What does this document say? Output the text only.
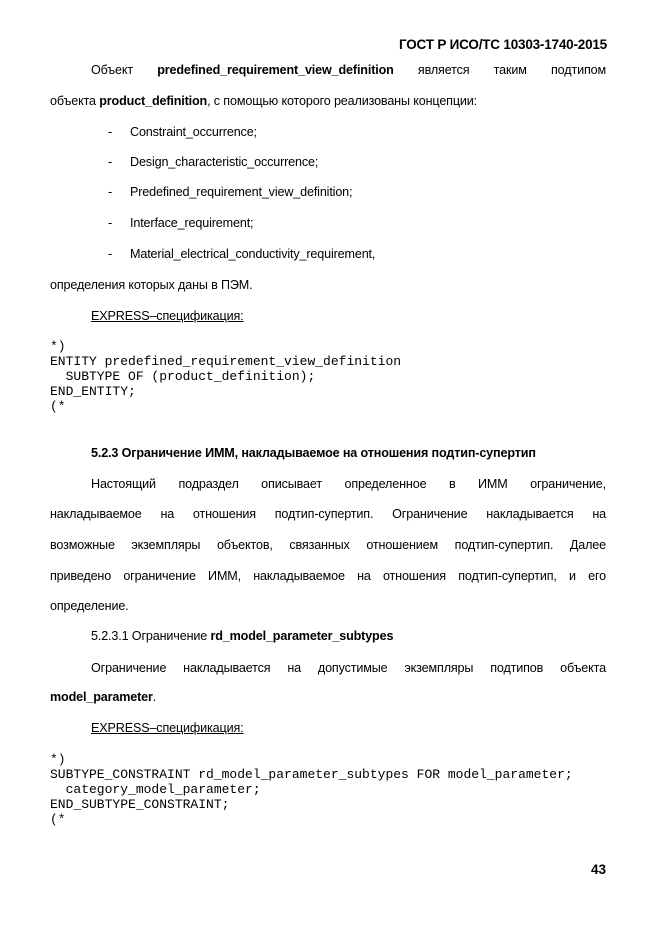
ГОСТ Р ИСО/ТС 10303-1740-2015
Объект predefined_requirement_view_definition является таким подтипом
объекта product_definition, с помощью которого реализованы концепции:
- Constraint_occurrence;
- Design_characteristic_occurrence;
- Predefined_requirement_view_definition;
- Interface_requirement;
- Material_electrical_conductivity_requirement,
определения которых даны в ПЭМ.
EXPRESS–спецификация:
*)
ENTITY predefined_requirement_view_definition
SUBTYPE OF (product_definition);
END_ENTITY;
(*
5.2.3 Ограничение ИММ, накладываемое на отношения подтип-супертип
Настоящий подраздел описывает определенное в ИММ ограничение,
накладываемое на отношения подтип-супертип. Ограничение накладывается на
возможные экземпляры объектов, связанных отношением подтип-супертип. Далее
приведено ограничение ИММ, накладываемое на отношения подтип-супертип, и его
определение.
5.2.3.1 Ограничение rd_model_parameter_subtypes
Ограничение накладывается на допустимые экземпляры подтипов объекта
model_parameter.
EXPRESS–спецификация:
*)
SUBTYPE_CONSTRAINT rd_model_parameter_subtypes FOR model_parameter;
category_model_parameter;
END_SUBTYPE_CONSTRAINT;
(*
43
